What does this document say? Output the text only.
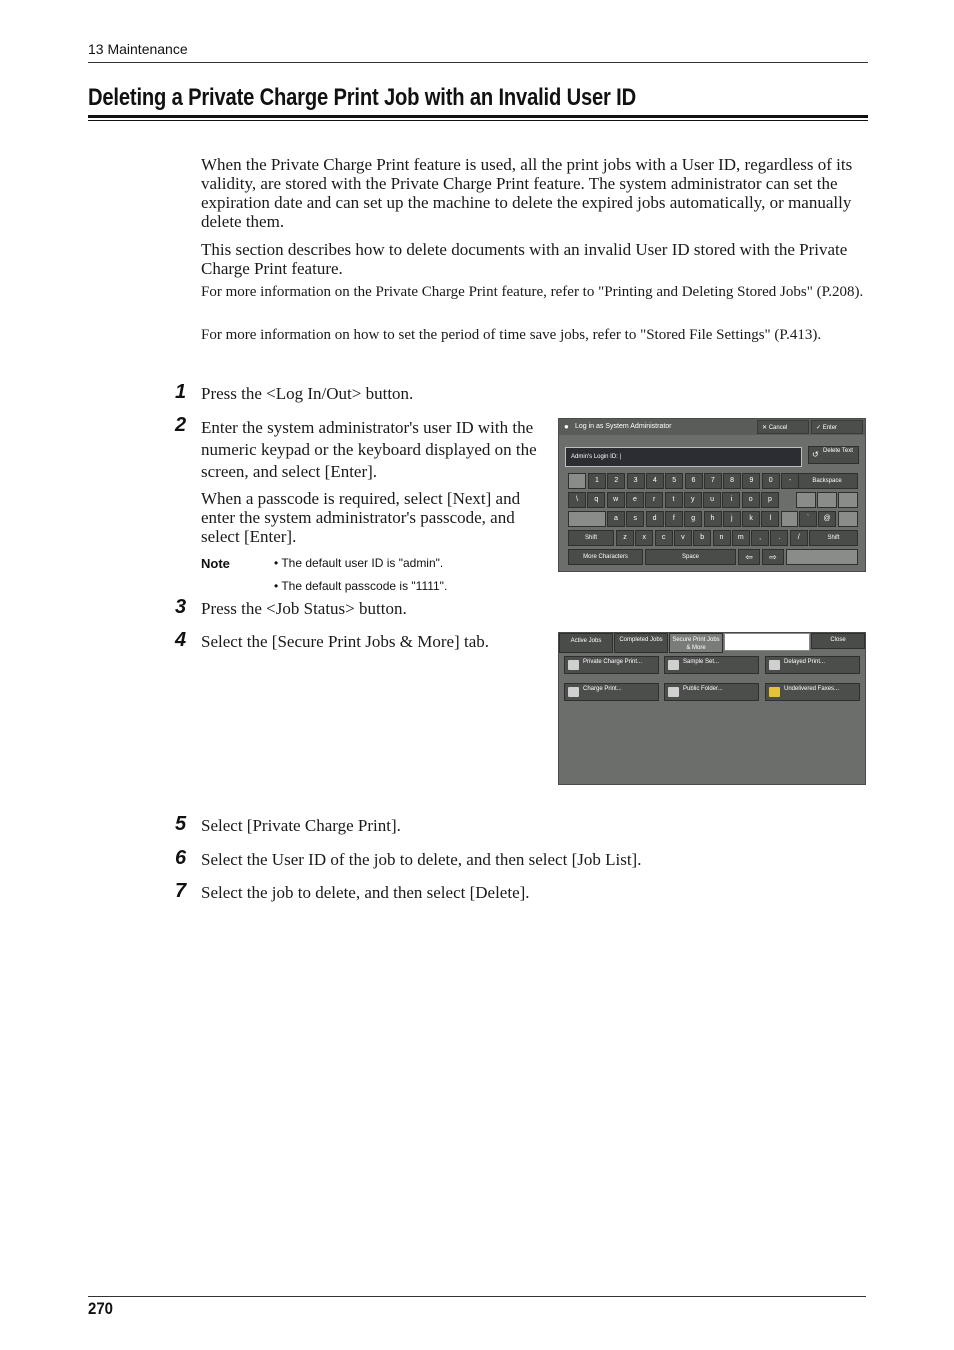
13 Maintenance
Deleting a Private Charge Print Job with an Invalid User ID
When the Private Charge Print feature is used, all the print jobs with a User ID, regardless of its validity, are stored with the Private Charge Print feature. The system administrator can set the expiration date and can set up the machine to delete the expired jobs automatically, or manually delete them.
This section describes how to delete documents with an invalid User ID stored with the Private Charge Print feature.
For more information on the Private Charge Print feature, refer to "Printing and Deleting Stored Jobs" (P.208).
For more information on how to set the period of time save jobs, refer to "Stored File Settings" (P.413).
1 Press the <Log In/Out> button.
2 Enter the system administrator's user ID with the numeric keypad or the keyboard displayed on the screen, and select [Enter].
When a passcode is required, select [Next] and enter the system administrator's passcode, and select [Enter].
Note	• The default user ID is "admin".
• The default passcode is "1111".
3 Press the <Job Status> button.
4 Select the [Secure Print Jobs & More] tab.
5 Select [Private Charge Print].
6 Select the User ID of the job to delete, and then select [Job List].
7 Select the job to delete, and then select [Delete].
● Log in as System Administrator	✕ Cancel	✓ Enter
Admin's Login ID: |	↺ Delete Text
Backspace
Shift	Shift
More Characters	Space	⇦	⇨
1	2	3	4	5	6	7	8	9	0	-
\	q	w	e	r	t	y	u	i	o	p
a	s	d	f	g	h	j	k	l	`	@
z	x	c	v	b	n	m	,	.	/
Active Jobs	Completed Jobs	Secure Print Jobs & More
Close
Private Charge Print...	Sample Set...	Delayed Print...
Charge Print...	Public Folder...	Undelivered Faxes...
270
